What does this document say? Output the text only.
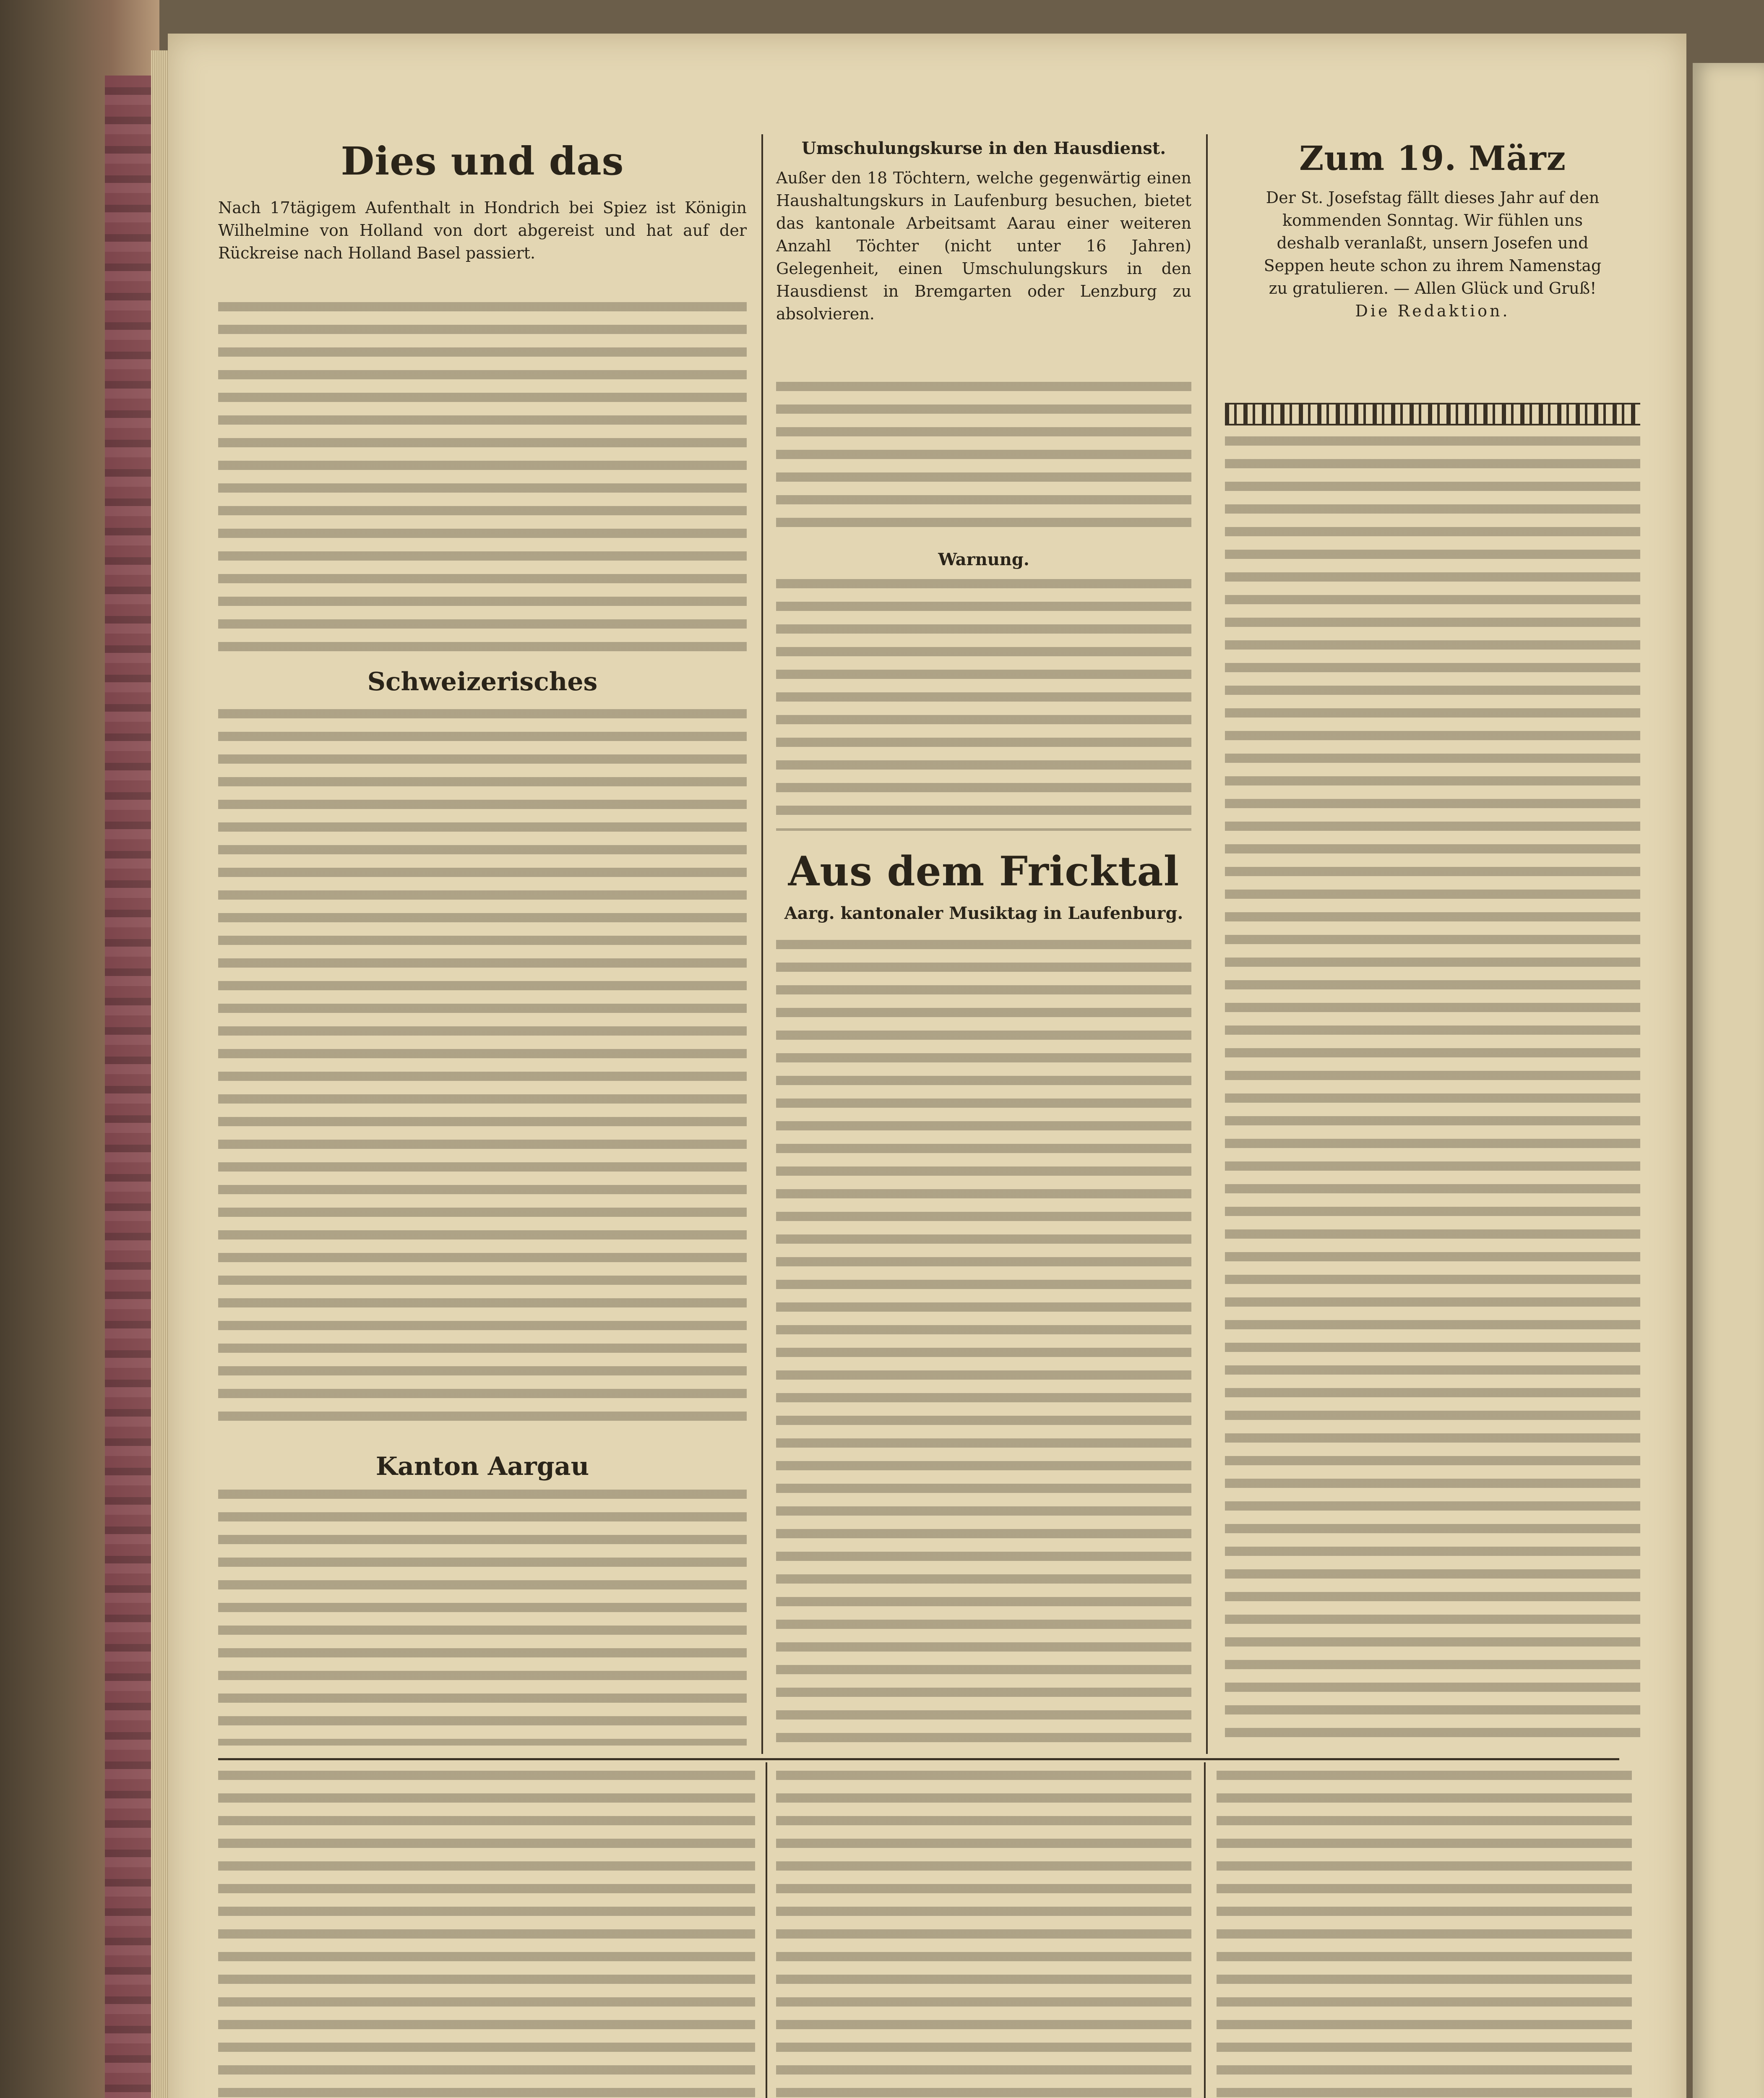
Dies und das

Nach 17tägigem Aufenthalt in Hondrich bei Spiez ist Königin Wilhelmine von Holland von dort abgereist und hat auf der Rückreise nach Holland Basel passiert.

Schweizerisches
Kanton Aargau
Umschulungskurse in den Hausdienst.

Außer den 18 Töchtern, welche gegenwärtig einen Haushaltungskurs in Laufenburg besuchen, bietet das kantonale Arbeitsamt Aarau einer weiteren Anzahl Töchter (nicht unter 16 Jahren) Gelegenheit, einen Umschulungskurs in den Hausdienst in Bremgarten oder Lenzburg zu absolvieren.

Warnung.
Aus dem Fricktal
Aarg. kantonaler Musiktag in Laufenburg.
Zum 19. März

Der St. Josefstag fällt dieses Jahr auf den kommenden Sonntag. Wir fühlen uns deshalb veranlaßt, unsern Josefen und Seppen heute schon zu ihrem Namenstag zu gratulieren. — Allen Glück und Gruß!

Die Redaktion.
